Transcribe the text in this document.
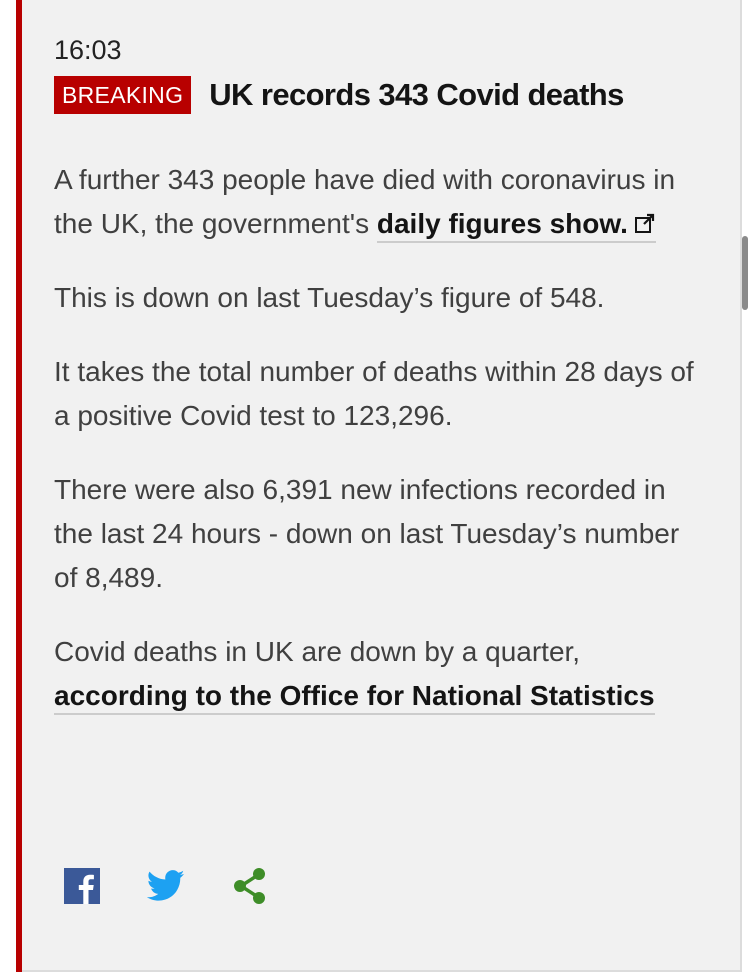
16:03
BREAKING UK records 343 Covid deaths

A further 343 people have died with coronavirus in the UK, the government's daily figures show.

This is down on last Tuesday’s figure of 548.

It takes the total number of deaths within 28 days of a positive Covid test to 123,296.

There were also 6,391 new infections recorded in the last 24 hours - down on last Tuesday’s number of 8,489.

Covid deaths in UK are down by a quarter, according to the Office for National Statistics
